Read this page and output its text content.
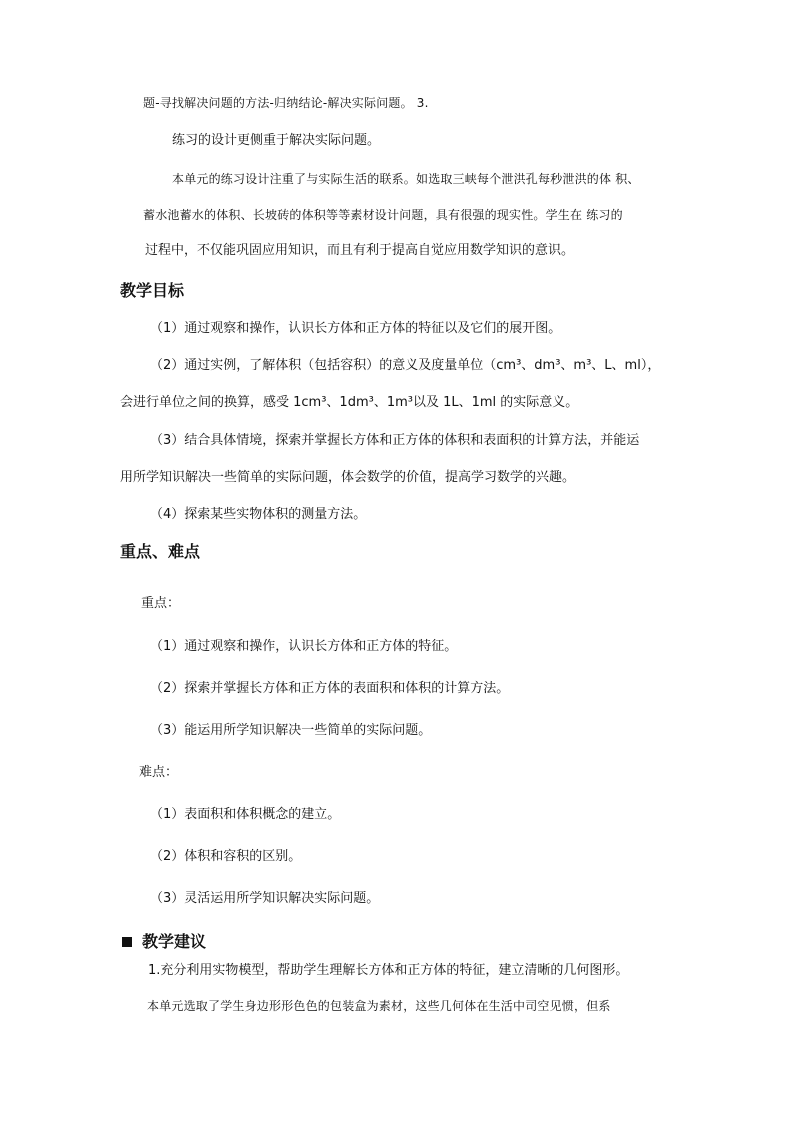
题-寻找解决问题的方法-归纳结论-解决实际问题。 3.
练习的设计更侧重于解决实际问题。
本单元的练习设计注重了与实际生活的联系。如选取三峡每个泄洪孔每秒泄洪的体 积、
蓄水池蓄水的体积、长坡砖的体积等等素材设计问题，具有很强的现实性。学生在 练习的
过程中，不仅能巩固应用知识，而且有利于提高自觉应用数学知识的意识。
教学目标
（1）通过观察和操作，认识长方体和正方体的特征以及它们的展开图。
（2）通过实例，了解体积（包括容积）的意义及度量单位（cm³、dm³、m³、L、ml），
会进行单位之间的换算，感受 1cm³、1dm³、1m³以及 1L、1ml 的实际意义。
（3）结合具体情境，探索并掌握长方体和正方体的体积和表面积的计算方法，并能运
用所学知识解决一些简单的实际问题，体会数学的价值，提高学习数学的兴趣。
（4）探索某些实物体积的测量方法。
重点、难点
重点：
（1）通过观察和操作，认识长方体和正方体的特征。
（2）探索并掌握长方体和正方体的表面积和体积的计算方法。
（3）能运用所学知识解决一些简单的实际问题。
难点：
（1）表面积和体积概念的建立。
（2）体积和容积的区别。
（3）灵活运用所学知识解决实际问题。
教学建议
1.充分利用实物模型，帮助学生理解长方体和正方体的特征，建立清晰的几何图形。
本单元选取了学生身边形形色色的包装盒为素材，这些几何体在生活中司空见惯，但系
